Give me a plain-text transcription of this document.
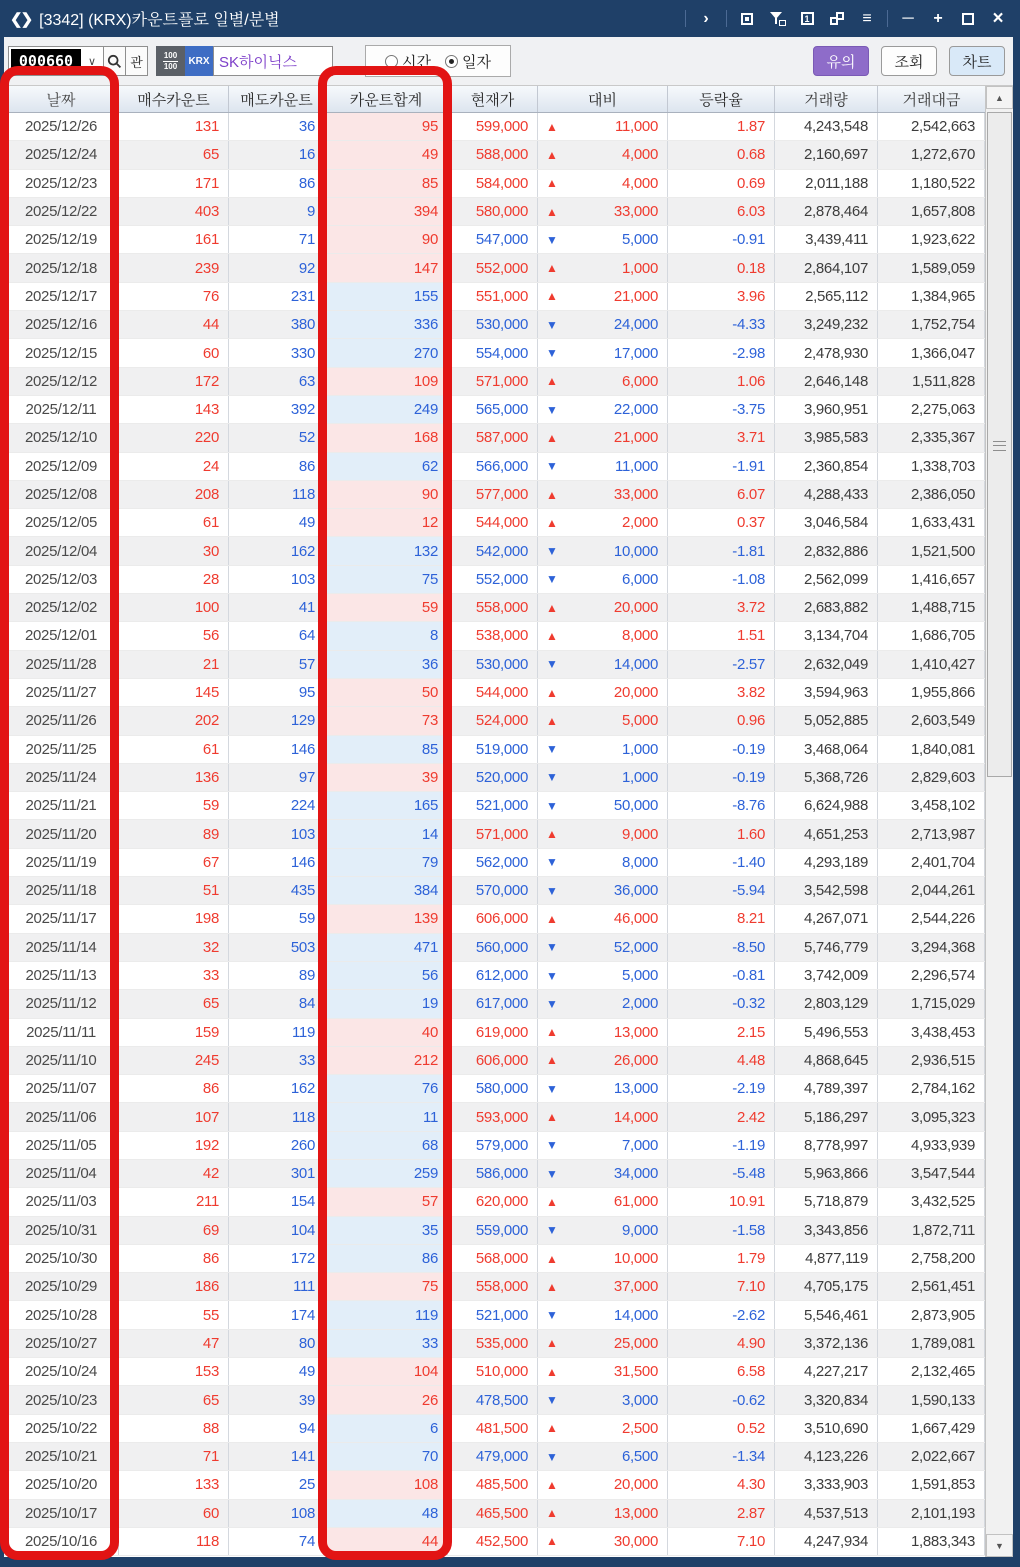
❮❯ [3342] (KRX)카운트플로 일별/분별	›	1	≡	─	+	×
000660	∨	관	100
100	KRX SK하이닉스	시간 일자	유의	조회	차트
날짜	매수카운트	매도카운트	카운트합계	현재가	대비	등락율	거래량	거래대금
2025/12/26	131	36	95	599,000	▲	11,000	1.87	4,243,548	2,542,663
2025/12/24	65	16	49	588,000	▲	4,000	0.68	2,160,697	1,272,670
2025/12/23	171	86	85	584,000	▲	4,000	0.69	2,011,188	1,180,522
2025/12/22	403	9	394	580,000	▲	33,000	6.03	2,878,464	1,657,808
2025/12/19	161	71	90	547,000	▼	5,000	-0.91	3,439,411	1,923,622
2025/12/18	239	92	147	552,000	▲	1,000	0.18	2,864,107	1,589,059
2025/12/17	76	231	155	551,000	▲	21,000	3.96	2,565,112	1,384,965
2025/12/16	44	380	336	530,000	▼	24,000	-4.33	3,249,232	1,752,754
2025/12/15	60	330	270	554,000	▼	17,000	-2.98	2,478,930	1,366,047
2025/12/12	172	63	109	571,000	▲	6,000	1.06	2,646,148	1,511,828
2025/12/11	143	392	249	565,000	▼	22,000	-3.75	3,960,951	2,275,063
2025/12/10	220	52	168	587,000	▲	21,000	3.71	3,985,583	2,335,367
2025/12/09	24	86	62	566,000	▼	11,000	-1.91	2,360,854	1,338,703
2025/12/08	208	118	90	577,000	▲	33,000	6.07	4,288,433	2,386,050
2025/12/05	61	49	12	544,000	▲	2,000	0.37	3,046,584	1,633,431
2025/12/04	30	162	132	542,000	▼	10,000	-1.81	2,832,886	1,521,500
2025/12/03	28	103	75	552,000	▼	6,000	-1.08	2,562,099	1,416,657
2025/12/02	100	41	59	558,000	▲	20,000	3.72	2,683,882	1,488,715
2025/12/01	56	64	8	538,000	▲	8,000	1.51	3,134,704	1,686,705
2025/11/28	21	57	36	530,000	▼	14,000	-2.57	2,632,049	1,410,427
2025/11/27	145	95	50	544,000	▲	20,000	3.82	3,594,963	1,955,866
2025/11/26	202	129	73	524,000	▲	5,000	0.96	5,052,885	2,603,549
2025/11/25	61	146	85	519,000	▼	1,000	-0.19	3,468,064	1,840,081
2025/11/24	136	97	39	520,000	▼	1,000	-0.19	5,368,726	2,829,603
2025/11/21	59	224	165	521,000	▼	50,000	-8.76	6,624,988	3,458,102
2025/11/20	89	103	14	571,000	▲	9,000	1.60	4,651,253	2,713,987
2025/11/19	67	146	79	562,000	▼	8,000	-1.40	4,293,189	2,401,704
2025/11/18	51	435	384	570,000	▼	36,000	-5.94	3,542,598	2,044,261
2025/11/17	198	59	139	606,000	▲	46,000	8.21	4,267,071	2,544,226
2025/11/14	32	503	471	560,000	▼	52,000	-8.50	5,746,779	3,294,368
2025/11/13	33	89	56	612,000	▼	5,000	-0.81	3,742,009	2,296,574
2025/11/12	65	84	19	617,000	▼	2,000	-0.32	2,803,129	1,715,029
2025/11/11	159	119	40	619,000	▲	13,000	2.15	5,496,553	3,438,453
2025/11/10	245	33	212	606,000	▲	26,000	4.48	4,868,645	2,936,515
2025/11/07	86	162	76	580,000	▼	13,000	-2.19	4,789,397	2,784,162
2025/11/06	107	118	11	593,000	▲	14,000	2.42	5,186,297	3,095,323
2025/11/05	192	260	68	579,000	▼	7,000	-1.19	8,778,997	4,933,939
2025/11/04	42	301	259	586,000	▼	34,000	-5.48	5,963,866	3,547,544
2025/11/03	211	154	57	620,000	▲	61,000	10.91	5,718,879	3,432,525
2025/10/31	69	104	35	559,000	▼	9,000	-1.58	3,343,856	1,872,711
2025/10/30	86	172	86	568,000	▲	10,000	1.79	4,877,119	2,758,200
2025/10/29	186	111	75	558,000	▲	37,000	7.10	4,705,175	2,561,451
2025/10/28	55	174	119	521,000	▼	14,000	-2.62	5,546,461	2,873,905
2025/10/27	47	80	33	535,000	▲	25,000	4.90	3,372,136	1,789,081
2025/10/24	153	49	104	510,000	▲	31,500	6.58	4,227,217	2,132,465
2025/10/23	65	39	26	478,500	▼	3,000	-0.62	3,320,834	1,590,133
2025/10/22	88	94	6	481,500	▲	2,500	0.52	3,510,690	1,667,429
2025/10/21	71	141	70	479,000	▼	6,500	-1.34	4,123,226	2,022,667
2025/10/20	133	25	108	485,500	▲	20,000	4.30	3,333,903	1,591,853
2025/10/17	60	108	48	465,500	▲	13,000	2.87	4,537,513	2,101,193
2025/10/16	118	74	44	452,500	▲	30,000	7.10	4,247,934	1,883,343
▲
▼
